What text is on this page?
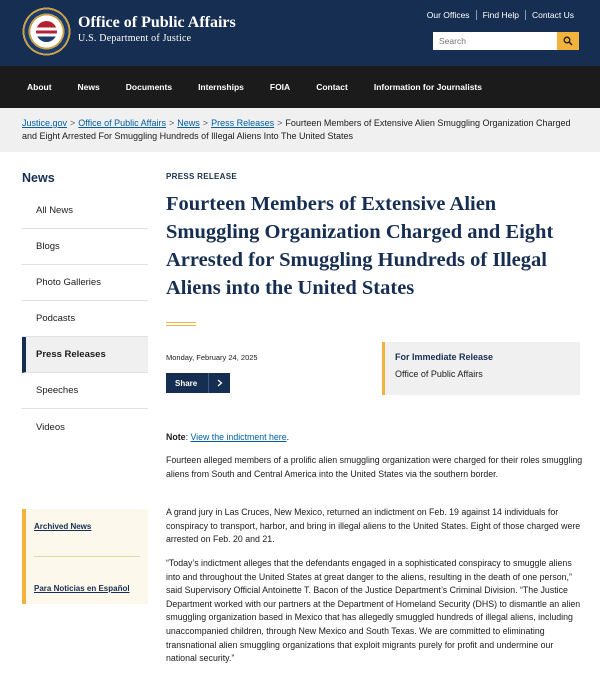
Office of Public Affairs
U.S. Department of Justice
Our Offices	Find Help	Contact Us
Search
About	News	Documents	Internships	FOIA	Contact	Information for Journalists
Justice.gov > Office of Public Affairs > News > Press Releases > Fourteen Members of Extensive Alien Smuggling Organization Charged and Eight Arrested For Smuggling Hundreds of Illegal Aliens Into The United States
News
All News
Blogs
Photo Galleries
Podcasts
Press Releases
Speeches
Videos
Archived News
Para Noticias en Español
PRESS RELEASE
Fourteen Members of Extensive Alien Smuggling Organization Charged and Eight Arrested for Smuggling Hundreds of Illegal Aliens into the United States
Monday, February 24, 2025
Share
For Immediate Release
Office of Public Affairs
Note: View the indictment here.

Fourteen alleged members of a prolific alien smuggling organization were charged for their roles smuggling aliens from South and Central America into the United States via the southern border.

A grand jury in Las Cruces, New Mexico, returned an indictment on Feb. 19 against 14 individuals for conspiracy to transport, harbor, and bring in illegal aliens to the United States. Eight of those charged were arrested on Feb. 20 and 21.

“Today’s indictment alleges that the defendants engaged in a sophisticated conspiracy to smuggle aliens into and throughout the United States at great danger to the aliens, resulting in the death of one person,” said Supervisory Official Antoinette T. Bacon of the Justice Department’s Criminal Division. “The Justice Department worked with our partners at the Department of Homeland Security (DHS) to dismantle an alien smuggling organization based in Mexico that has allegedly smuggled hundreds of illegal aliens, including unaccompanied children, through New Mexico and South Texas. We are committed to eliminating transnational alien smuggling organizations that exploit migrants purely for profit and undermine our national security.”
